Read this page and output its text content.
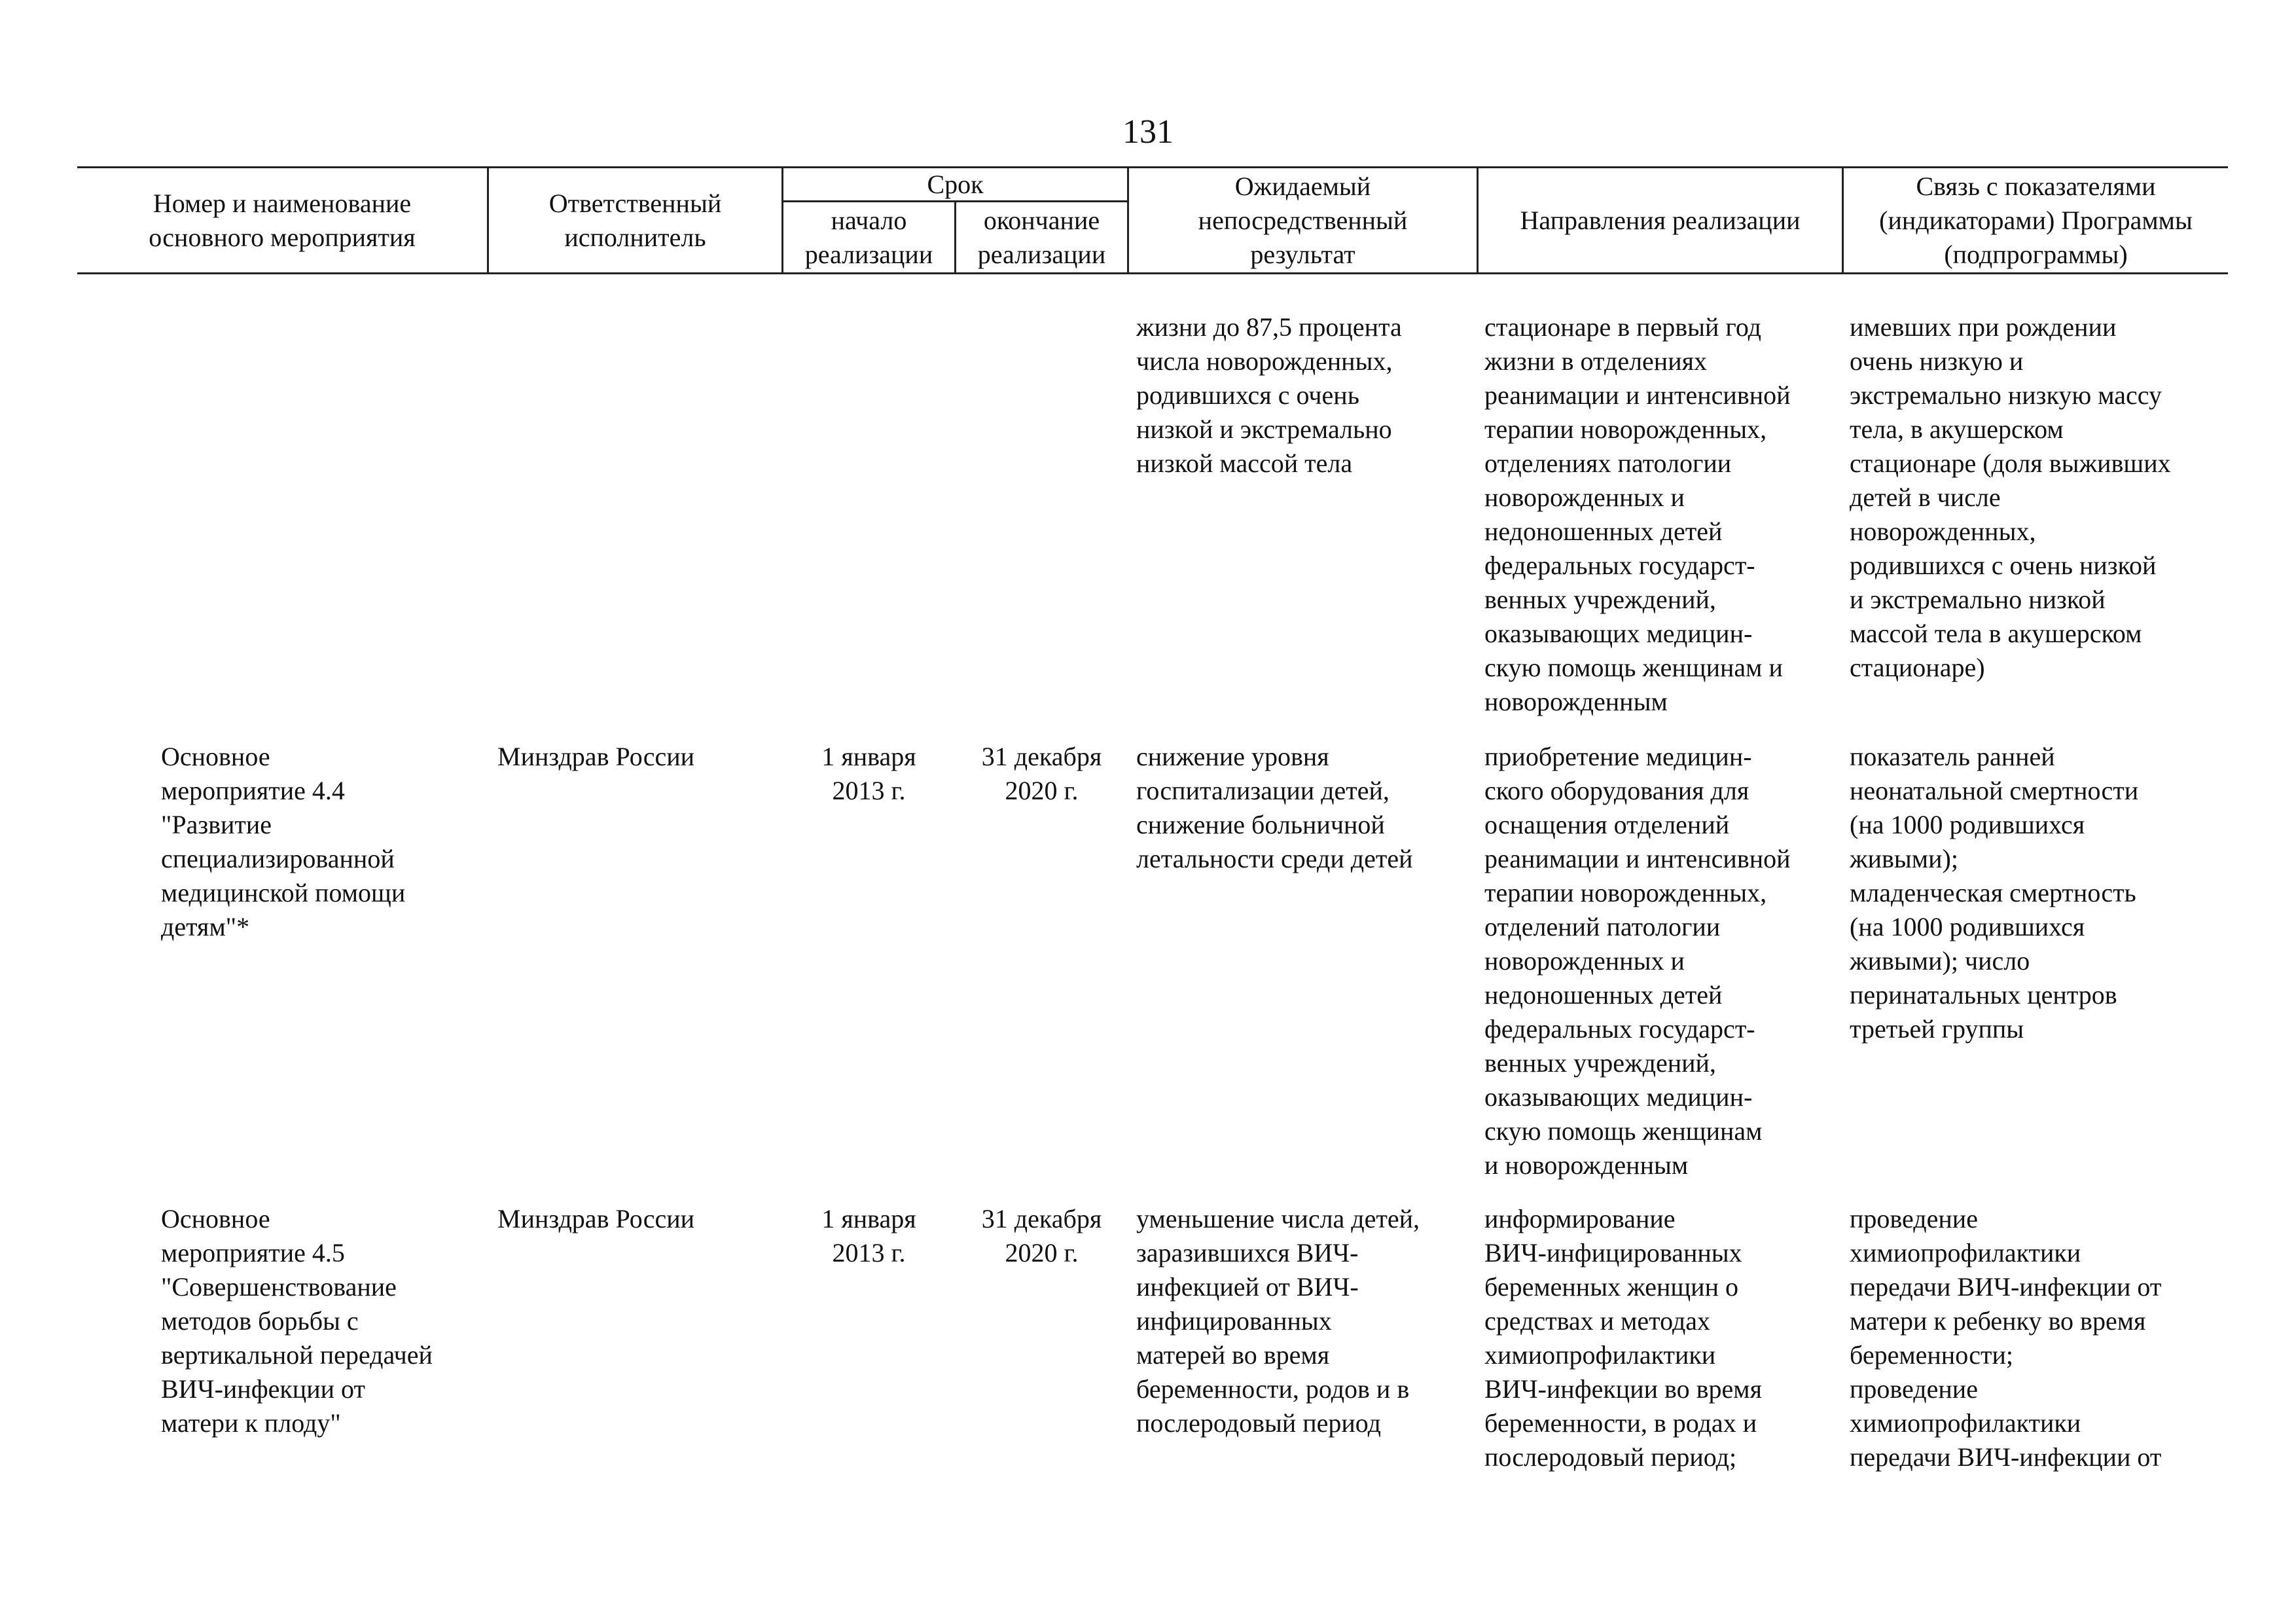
131
Номер и наименование
основного мероприятия
Ответственный
исполнитель
Срок
начало
реализации
окончание
реализации
Ожидаемый
непосредственный
результат
Направления реализации
Связь с показателями
(индикаторами) Программы
(подпрограммы)
жизни до 87,5 процента
числа новорожденных,
родившихся с очень
низкой и экстремально
низкой массой тела
стационаре в первый год
жизни в отделениях
реанимации и интенсивной
терапии новорожденных,
отделениях патологии
новорожденных и
недоношенных детей
федеральных государст-
венных учреждений,
оказывающих медицин-
скую помощь женщинам и
новорожденным
имевших при рождении
очень низкую и
экстремально низкую массу
тела, в акушерском
стационаре (доля выживших
детей в числе
новорожденных,
родившихся с очень низкой
и экстремально низкой
массой тела в акушерском
стационаре)
Основное
мероприятие 4.4
"Развитие
специализированной
медицинской помощи
детям"*
Минздрав России	1 января
2013 г.
31 декабря
2020 г.
снижение уровня
госпитализации детей,
снижение больничной
летальности среди детей
приобретение медицин-
ского оборудования для
оснащения отделений
реанимации и интенсивной
терапии новорожденных,
отделений патологии
новорожденных и
недоношенных детей
федеральных государст-
венных учреждений,
оказывающих медицин-
скую помощь женщинам
и новорожденным
показатель ранней
неонатальной смертности
(на 1000 родившихся
живыми);
младенческая смертность
(на 1000 родившихся
живыми); число
перинатальных центров
третьей группы
Основное
мероприятие 4.5
"Совершенствование
методов борьбы с
вертикальной передачей
ВИЧ-инфекции от
матери к плоду"
Минздрав России	1 января
2013 г.
31 декабря
2020 г.
уменьшение числа детей,
заразившихся ВИЧ-
инфекцией от ВИЧ-
инфицированных
матерей во время
беременности, родов и в
послеродовый период
информирование
ВИЧ-инфицированных
беременных женщин о
средствах и методах
химиопрофилактики
ВИЧ-инфекции во время
беременности, в родах и
послеродовый период;
проведение
химиопрофилактики
передачи ВИЧ-инфекции от
матери к ребенку во время
беременности;
проведение
химиопрофилактики
передачи ВИЧ-инфекции от
